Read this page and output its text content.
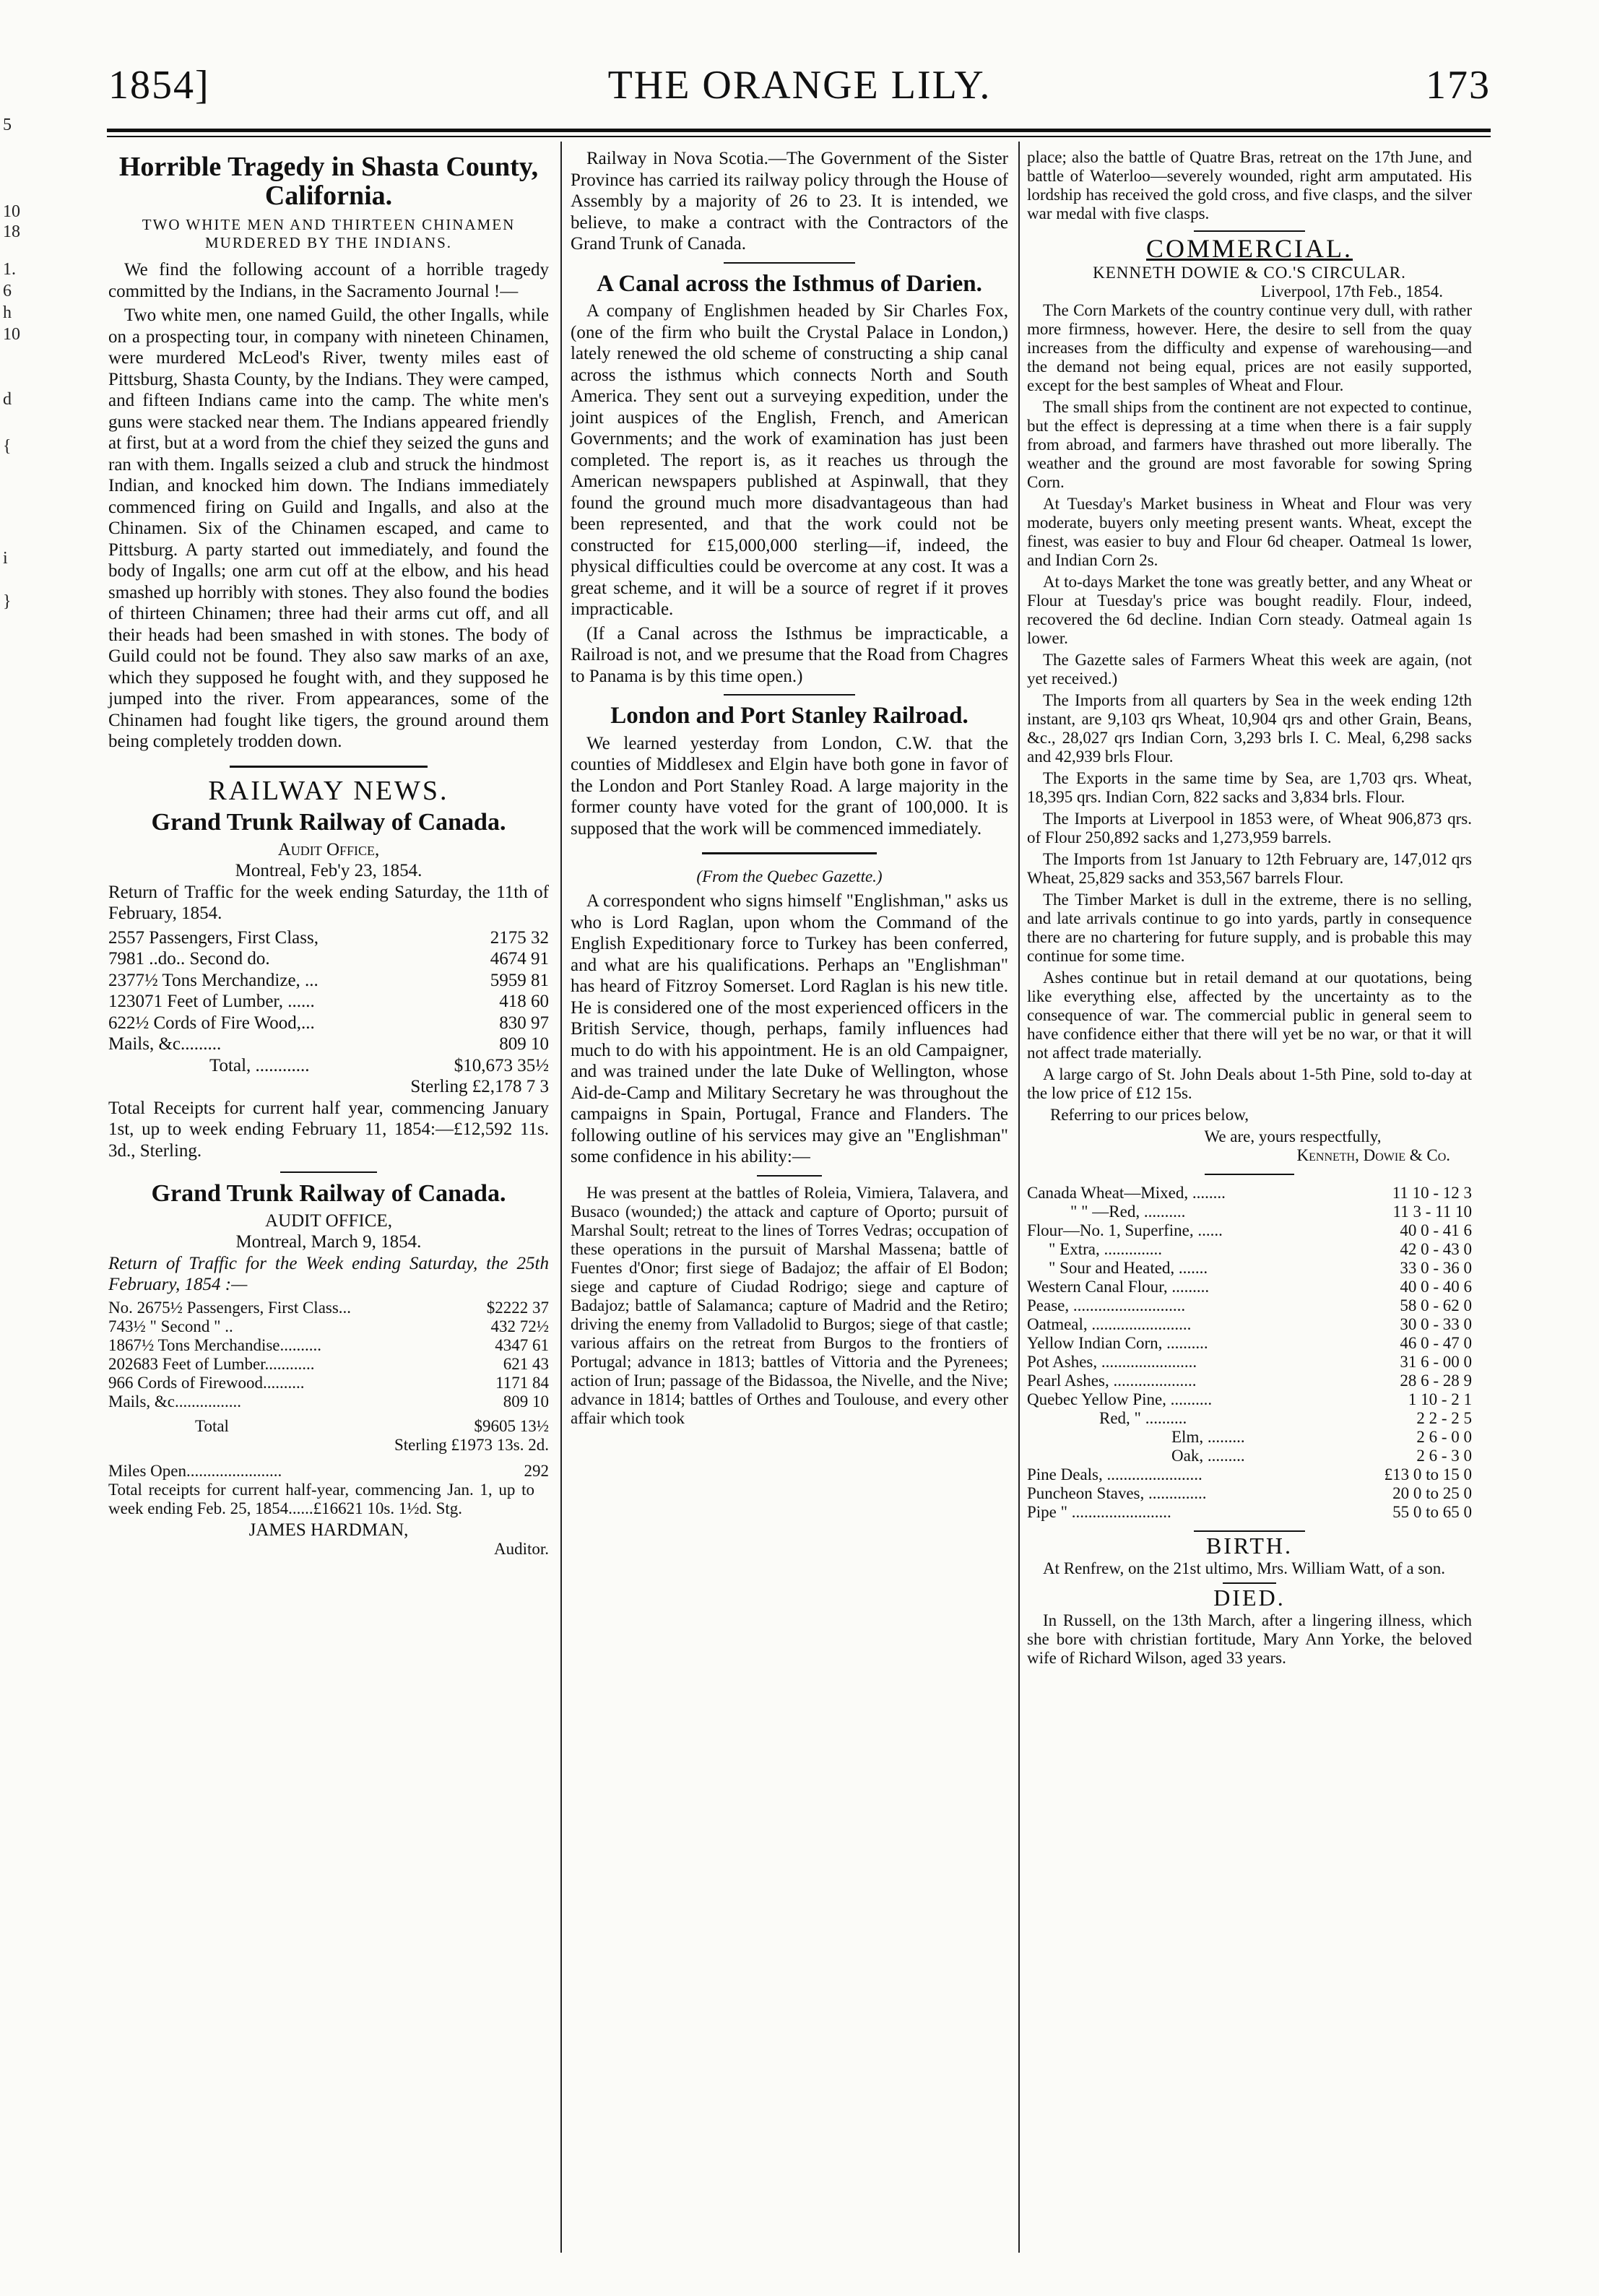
5
10
18
1.
6
h
10
d
{
i
}
1854]	THE ORANGE LILY.	173
Horrible Tragedy in Shasta County, California.
TWO WHITE MEN AND THIRTEEN CHINAMEN MURDERED BY THE INDIANS.

We find the following account of a horrible tragedy committed by the Indians, in the Sacramento Journal !—

Two white men, one named Guild, the other Ingalls, while on a prospecting tour, in company with nineteen Chinamen, were murdered McLeod's River, twenty miles east of Pittsburg, Shasta County, by the Indians. They were camped, and fifteen Indians came into the camp. The white men's guns were stacked near them. The Indians appeared friendly at first, but at a word from the chief they seized the guns and ran with them. Ingalls seized a club and struck the hindmost Indian, and knocked him down. The Indians immediately commenced firing on Guild and Ingalls, and also at the Chinamen. Six of the Chinamen escaped, and came to Pittsburg. A party started out immediately, and found the body of Ingalls; one arm cut off at the elbow, and his head smashed up horribly with stones. They also found the bodies of thirteen Chinamen; three had their arms cut off, and all their heads had been smashed in with stones. The body of Guild could not be found. They also saw marks of an axe, which they supposed he fought with, and they supposed he jumped into the river. From appearances, some of the Chinamen had fought like tigers, the ground around them being completely trodden down.

RAILWAY NEWS.
Grand Trunk Railway of Canada.
Audit Office,
Montreal, Feb'y 23, 1854.

Return of Traffic for the week ending Saturday, the 11th of February, 1854.

2557 Passengers, First Class,	2175 32
7981 ..do.. Second do.	4674 91
2377½ Tons Merchandize, ...	5959 81
123071 Feet of Lumber, ......	418 60
622½ Cords of Fire Wood,...	830 97
Mails, &c.........	809 10
Total, ............	$10,673 35½
Sterling £2,178 7 3

Total Receipts for current half year, commencing January 1st, up to week ending February 11, 1854:—£12,592 11s. 3d., Sterling.

Grand Trunk Railway of Canada.
AUDIT OFFICE,
Montreal, March 9, 1854.

Return of Traffic for the Week ending Saturday, the 25th February, 1854 :—

No. 2675½ Passengers, First Class...	$2222 37
743½ " Second " ..	432 72½
1867½ Tons Merchandise..........	4347 61
202683 Feet of Lumber............	621 43
966 Cords of Firewood..........	1171 84
Mails, &c................	809 10
Total	$9605 13½
Sterling £1973 13s. 2d.
Miles Open.......................	292

Total receipts for current half-year, commencing Jan. 1, up to week ending Feb. 25, 1854......£16621 10s. 1½d. Stg.

JAMES HARDMAN,
Auditor.

Railway in Nova Scotia.—The Government of the Sister Province has carried its railway policy through the House of Assembly by a majority of 26 to 23. It is intended, we believe, to make a contract with the Contractors of the Grand Trunk of Canada.

A Canal across the Isthmus of Darien.

A company of Englishmen headed by Sir Charles Fox, (one of the firm who built the Crystal Palace in London,) lately renewed the old scheme of constructing a ship canal across the isthmus which connects North and South America. They sent out a surveying expedition, under the joint auspices of the English, French, and American Governments; and the work of examination has just been completed. The report is, as it reaches us through the American newspapers published at Aspinwall, that they found the ground much more disadvantageous than had been represented, and that the work could not be constructed for £15,000,000 sterling—if, indeed, the physical difficulties could be overcome at any cost. It was a great scheme, and it will be a source of regret if it proves impracticable.

(If a Canal across the Isthmus be impracticable, a Railroad is not, and we presume that the Road from Chagres to Panama is by this time open.)

London and Port Stanley Railroad.

We learned yesterday from London, C.W. that the counties of Middlesex and Elgin have both gone in favor of the London and Port Stanley Road. A large majority in the former county have voted for the grant of 100,000. It is supposed that the work will be commenced immediately.

(From the Quebec Gazette.)

A correspondent who signs himself "Englishman," asks us who is Lord Raglan, upon whom the Command of the English Expeditionary force to Turkey has been conferred, and what are his qualifications. Perhaps an "Englishman" has heard of Fitzroy Somerset. Lord Raglan is his new title. He is considered one of the most experienced officers in the British Service, though, perhaps, family influences had much to do with his appointment. He is an old Campaigner, and was trained under the late Duke of Wellington, whose Aid-de-Camp and Military Secretary he was throughout the campaigns in Spain, Portugal, France and Flanders. The following outline of his services may give an "Englishman" some confidence in his ability:—

He was present at the battles of Roleia, Vimiera, Talavera, and Busaco (wounded;) the attack and capture of Oporto; pursuit of Marshal Soult; retreat to the lines of Torres Vedras; occupation of these operations in the pursuit of Marshal Massena; battle of Fuentes d'Onor; first siege of Badajoz; the affair of El Bodon; siege and capture of Ciudad Rodrigo; siege and capture of Badajoz; battle of Salamanca; capture of Madrid and the Retiro; driving the enemy from Valladolid to Burgos; siege of that castle; various affairs on the retreat from Burgos to the frontiers of Portugal; advance in 1813; battles of Vittoria and the Pyrenees; action of Irun; passage of the Bidassoa, the Nivelle, and the Nive; advance in 1814; battles of Orthes and Toulouse, and every other affair which took

place; also the battle of Quatre Bras, retreat on the 17th June, and battle of Waterloo—severely wounded, right arm amputated. His lordship has received the gold cross, and five clasps, and the silver war medal with five clasps.

COMMERCIAL.
KENNETH DOWIE & CO.'S CIRCULAR.
Liverpool, 17th Feb., 1854.

The Corn Markets of the country continue very dull, with rather more firmness, however. Here, the desire to sell from the quay increases from the difficulty and expense of warehousing—and the demand not being equal, prices are not easily supported, except for the best samples of Wheat and Flour.

The small ships from the continent are not expected to continue, but the effect is depressing at a time when there is a fair supply from abroad, and farmers have thrashed out more liberally. The weather and the ground are most favorable for sowing Spring Corn.

At Tuesday's Market business in Wheat and Flour was very moderate, buyers only meeting present wants. Wheat, except the finest, was easier to buy and Flour 6d cheaper. Oatmeal 1s lower, and Indian Corn 2s.

At to-days Market the tone was greatly better, and any Wheat or Flour at Tuesday's price was bought readily. Flour, indeed, recovered the 6d decline. Indian Corn steady. Oatmeal again 1s lower.

The Gazette sales of Farmers Wheat this week are again, (not yet received.)

The Imports from all quarters by Sea in the week ending 12th instant, are 9,103 qrs Wheat, 10,904 qrs and other Grain, Beans, &c., 28,027 qrs Indian Corn, 3,293 brls I. C. Meal, 6,298 sacks and 42,939 brls Flour.

The Exports in the same time by Sea, are 1,703 qrs. Wheat, 18,395 qrs. Indian Corn, 822 sacks and 3,834 brls. Flour.

The Imports at Liverpool in 1853 were, of Wheat 906,873 qrs. of Flour 250,892 sacks and 1,273,959 barrels.

The Imports from 1st January to 12th February are, 147,012 qrs Wheat, 25,829 sacks and 353,567 barrels Flour.

The Timber Market is dull in the extreme, there is no selling, and late arrivals continue to go into yards, partly in consequence there are no chartering for future supply, and is probable this may continue for some time.

Ashes continue but in retail demand at our quotations, being like everything else, affected by the uncertainty as to the consequence of war. The commercial public in general seem to have confidence either that there will yet be no war, or that it will not affect trade materially.

A large cargo of St. John Deals about 1-5th Pine, sold to-day at the low price of £12 15s.

Referring to our prices below,

We are, yours respectfully,
Kenneth, Dowie & Co.
Canada Wheat—Mixed, ........	11 10 - 12 3
" " —Red, ..........	11 3 - 11 10
Flour—No. 1, Superfine, ......	40 0 - 41 6
" Extra, ..............	42 0 - 43 0
" Sour and Heated, .......	33 0 - 36 0
Western Canal Flour, .........	40 0 - 40 6
Pease, ...........................	58 0 - 62 0
Oatmeal, ........................	30 0 - 33 0
Yellow Indian Corn, ..........	46 0 - 47 0
Pot Ashes, .......................	31 6 - 00 0
Pearl Ashes, ....................	28 6 - 28 9
Quebec Yellow Pine, ..........	1 10 - 2 1
Red, " ..........	2 2 - 2 5
Elm, .........	2 6 - 0 0
Oak, .........	2 6 - 3 0
Pine Deals, .......................	£13 0 to 15 0
Puncheon Staves, ..............	20 0 to 25 0
Pipe " ........................	55 0 to 65 0
BIRTH.

At Renfrew, on the 21st ultimo, Mrs. William Watt, of a son.

DIED.

In Russell, on the 13th March, after a lingering illness, which she bore with christian fortitude, Mary Ann Yorke, the beloved wife of Richard Wilson, aged 33 years.
